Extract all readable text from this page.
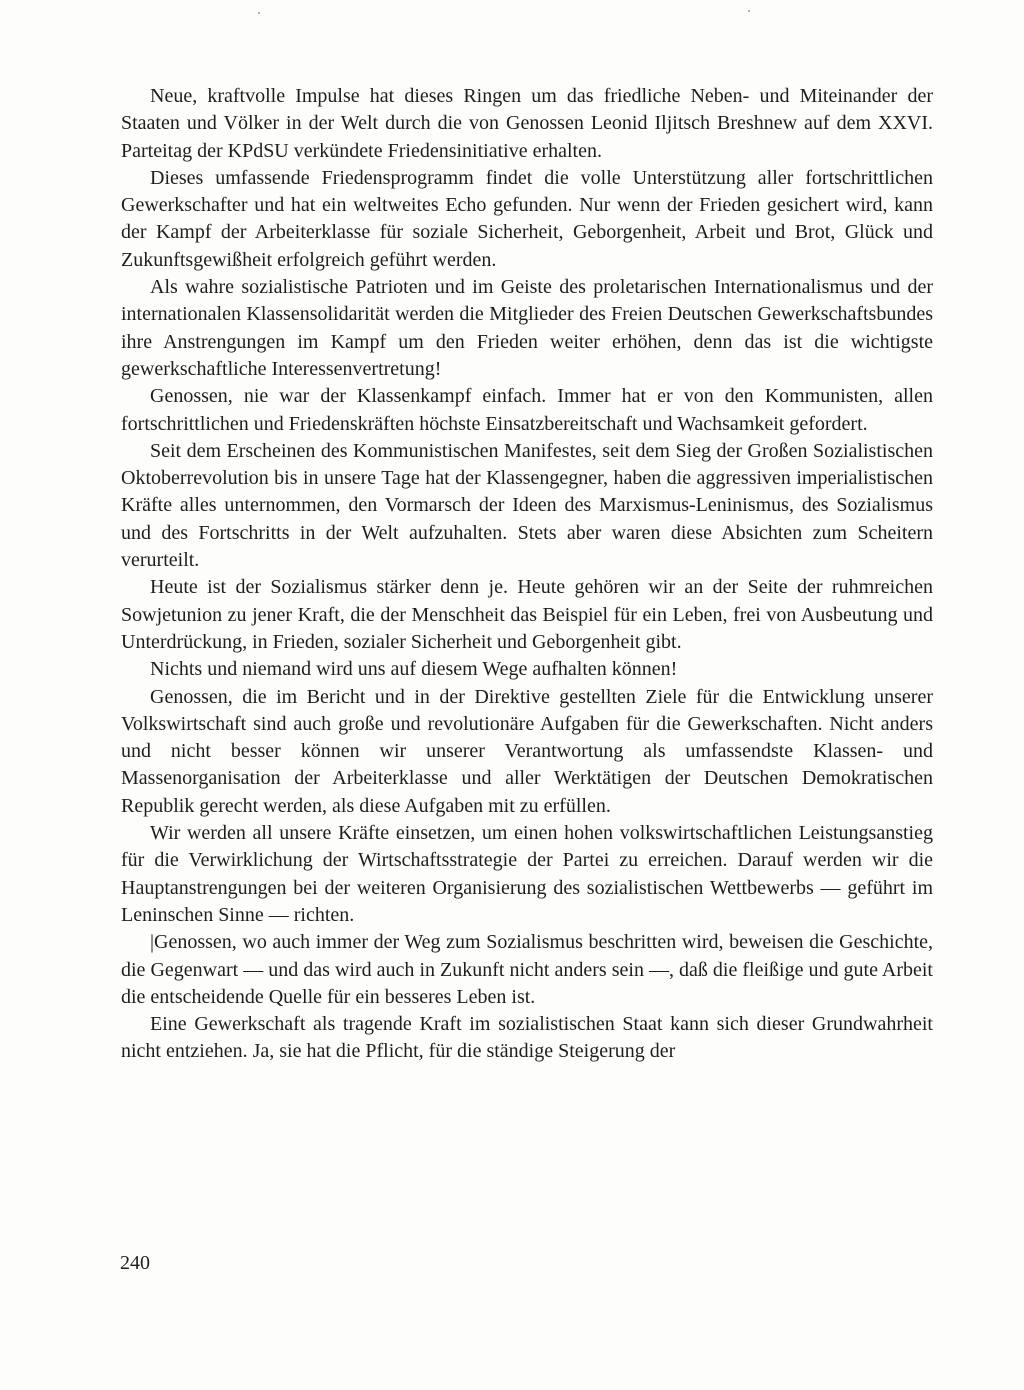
Neue, kraftvolle Impulse hat dieses Ringen um das friedliche Neben- und Miteinander der Staaten und Völker in der Welt durch die von Genossen Leonid Iljitsch Breshnew auf dem XXVI. Parteitag der KPdSU verkündete Friedensinitiative erhalten.

Dieses umfassende Friedensprogramm findet die volle Unterstützung aller fortschrittlichen Gewerkschafter und hat ein weltweites Echo gefunden. Nur wenn der Frieden gesichert wird, kann der Kampf der Arbeiterklasse für soziale Sicherheit, Geborgenheit, Arbeit und Brot, Glück und Zukunftsgewißheit erfolgreich geführt werden.

Als wahre sozialistische Patrioten und im Geiste des proletarischen Internationalismus und der internationalen Klassensolidarität werden die Mitglieder des Freien Deutschen Gewerkschaftsbundes ihre Anstrengungen im Kampf um den Frieden weiter erhöhen, denn das ist die wichtigste gewerkschaftliche Interessenvertretung!

Genossen, nie war der Klassenkampf einfach. Immer hat er von den Kommunisten, allen fortschrittlichen und Friedenskräften höchste Einsatzbereitschaft und Wachsamkeit gefordert.

Seit dem Erscheinen des Kommunistischen Manifestes, seit dem Sieg der Großen Sozialistischen Oktoberrevolution bis in unsere Tage hat der Klassengegner, haben die aggressiven imperialistischen Kräfte alles unternommen, den Vormarsch der Ideen des Marxismus-Leninismus, des Sozialismus und des Fortschritts in der Welt aufzuhalten. Stets aber waren diese Absichten zum Scheitern verurteilt.

Heute ist der Sozialismus stärker denn je. Heute gehören wir an der Seite der ruhmreichen Sowjetunion zu jener Kraft, die der Menschheit das Beispiel für ein Leben, frei von Ausbeutung und Unterdrückung, in Frieden, sozialer Sicherheit und Geborgenheit gibt.

Nichts und niemand wird uns auf diesem Wege aufhalten können!

Genossen, die im Bericht und in der Direktive gestellten Ziele für die Entwicklung unserer Volkswirtschaft sind auch große und revolutionäre Aufgaben für die Gewerkschaften. Nicht anders und nicht besser können wir unserer Verantwortung als umfassendste Klassen- und Massenorganisation der Arbeiterklasse und aller Werktätigen der Deutschen Demokratischen Republik gerecht werden, als diese Aufgaben mit zu erfüllen.

Wir werden all unsere Kräfte einsetzen, um einen hohen volkswirtschaftlichen Leistungsanstieg für die Verwirklichung der Wirtschaftsstrategie der Partei zu erreichen. Darauf werden wir die Hauptanstrengungen bei der weiteren Organisierung des sozialistischen Wettbewerbs — geführt im Leninschen Sinne — richten.

|Genossen, wo auch immer der Weg zum Sozialismus beschritten wird, beweisen die Geschichte, die Gegenwart — und das wird auch in Zukunft nicht anders sein —, daß die fleißige und gute Arbeit die entscheidende Quelle für ein besseres Leben ist.

Eine Gewerkschaft als tragende Kraft im sozialistischen Staat kann sich dieser Grundwahrheit nicht entziehen. Ja, sie hat die Pflicht, für die ständige Steigerung der

240
